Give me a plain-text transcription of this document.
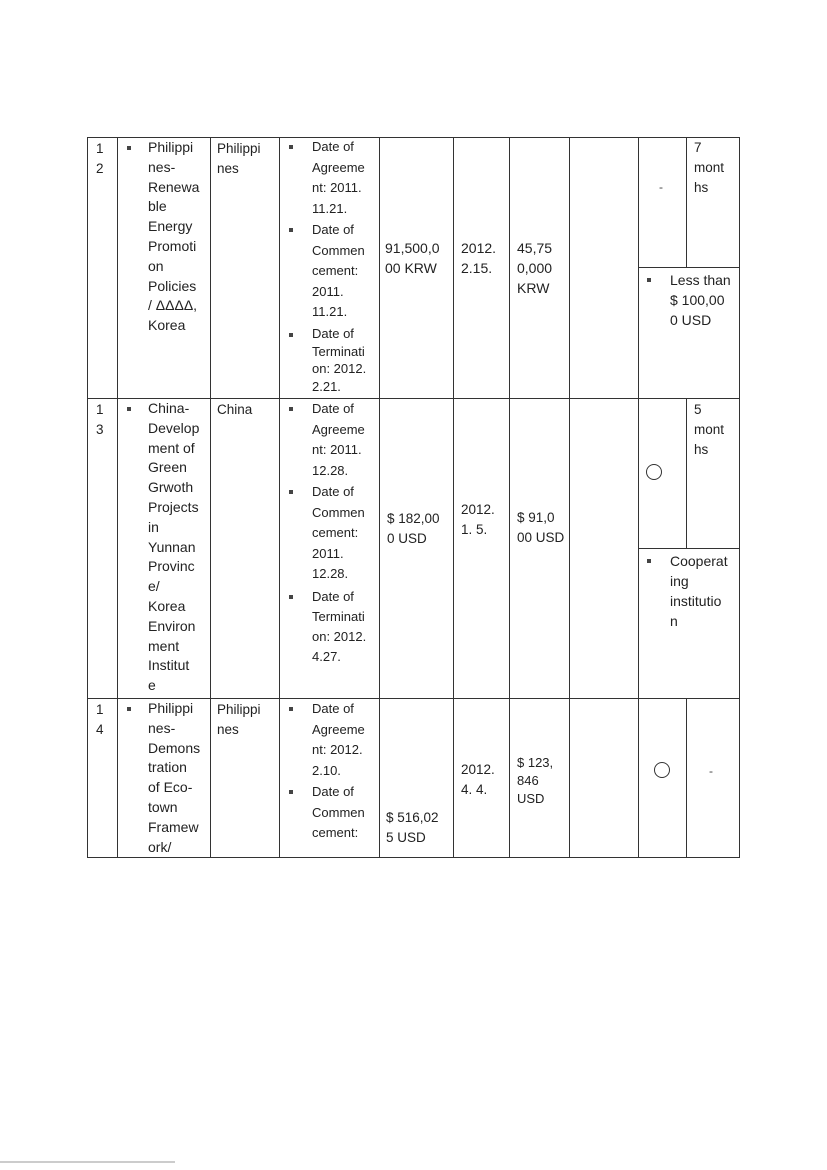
1
2
Philippi
nes-
Renewa
ble
Energy
Promoti
on
Policies
/ ΔΔΔΔ,
Korea
Philippi
nes
Date of
Agreeme
nt: 2011.
11.21.
Date of
Commen
cement:
2011.
11.21.
Date of
Terminati
on: 2012.
2.21.
91,500,0
00 KRW
2012.
2.15.
45,75
0,000
KRW
-
7
mont
hs
Less than
$ 100,00
0 USD
1
3
China-
Develop
ment of
Green
Grwoth
Projects
in
Yunnan
Provinc
e/
Korea
Environ
ment
Institut
e
China	Date of
Agreeme
nt: 2011.
12.28.
Date of
Commen
cement:
2011.
12.28.
Date of
Terminati
on: 2012.
4.27.
$ 182,00
0 USD
2012.
1. 5.
$ 91,0
00 USD
5
mont
hs
Cooperat
ing
institutio
n
1
4
Philippi
nes-
Demons
tration
of Eco-
town
Framew
ork/
Philippi
nes
Date of
Agreeme
nt: 2012.
2.10.
Date of
Commen
cement:
$ 516,02
5 USD
2012.
4. 4.
$ 123,
846
USD
-
